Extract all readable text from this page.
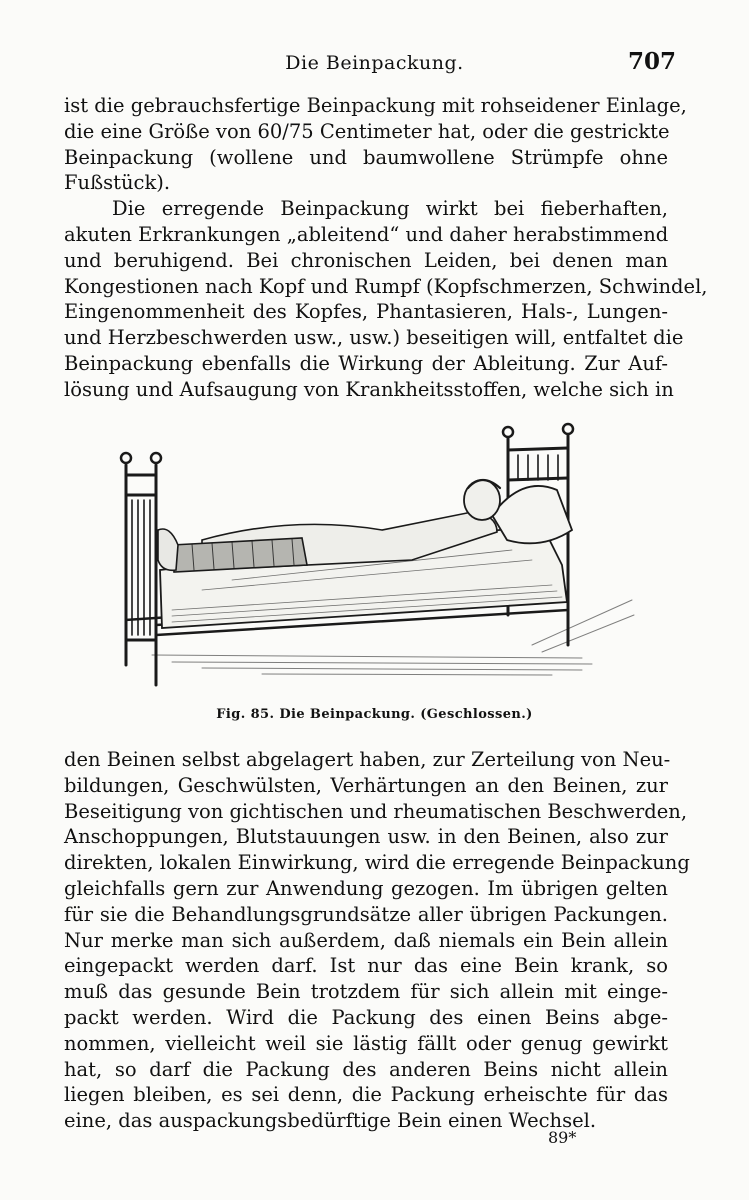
Die Beinpackung.	707
ist die gebrauchsfertige Beinpackung mit rohseidener Einlage,
die eine Größe von 60/75 Centimeter hat, oder die gestrickte
Beinpackung (wollene und baumwollene Strümpfe ohne
Fußstück).
Die erregende Beinpackung wirkt bei fieberhaften,
akuten Erkrankungen „ableitend“ und daher herabstimmend
und beruhigend. Bei chronischen Leiden, bei denen man
Kongestionen nach Kopf und Rumpf (Kopfschmerzen, Schwindel,
Eingenommenheit des Kopfes, Phantasieren, Hals-, Lungen-
und Herzbeschwerden usw., usw.) beseitigen will, entfaltet die
Beinpackung ebenfalls die Wirkung der Ableitung. Zur Auf-
lösung und Aufsaugung von Krankheitsstoffen, welche sich in
Fig. 85. Die Beinpackung. (Geschlossen.)
den Beinen selbst abgelagert haben, zur Zerteilung von Neu-
bildungen, Geschwülsten, Verhärtungen an den Beinen, zur
Beseitigung von gichtischen und rheumatischen Beschwerden,
Anschoppungen, Blutstauungen usw. in den Beinen, also zur
direkten, lokalen Einwirkung, wird die erregende Beinpackung
gleichfalls gern zur Anwendung gezogen. Im übrigen gelten
für sie die Behandlungsgrundsätze aller übrigen Packungen.
Nur merke man sich außerdem, daß niemals ein Bein allein
eingepackt werden darf. Ist nur das eine Bein krank, so
muß das gesunde Bein trotzdem für sich allein mit einge-
packt werden. Wird die Packung des einen Beins abge-
nommen, vielleicht weil sie lästig fällt oder genug gewirkt
hat, so darf die Packung des anderen Beins nicht allein
liegen bleiben, es sei denn, die Packung erheischte für das
eine, das auspackungsbedürftige Bein einen Wechsel.
89*
